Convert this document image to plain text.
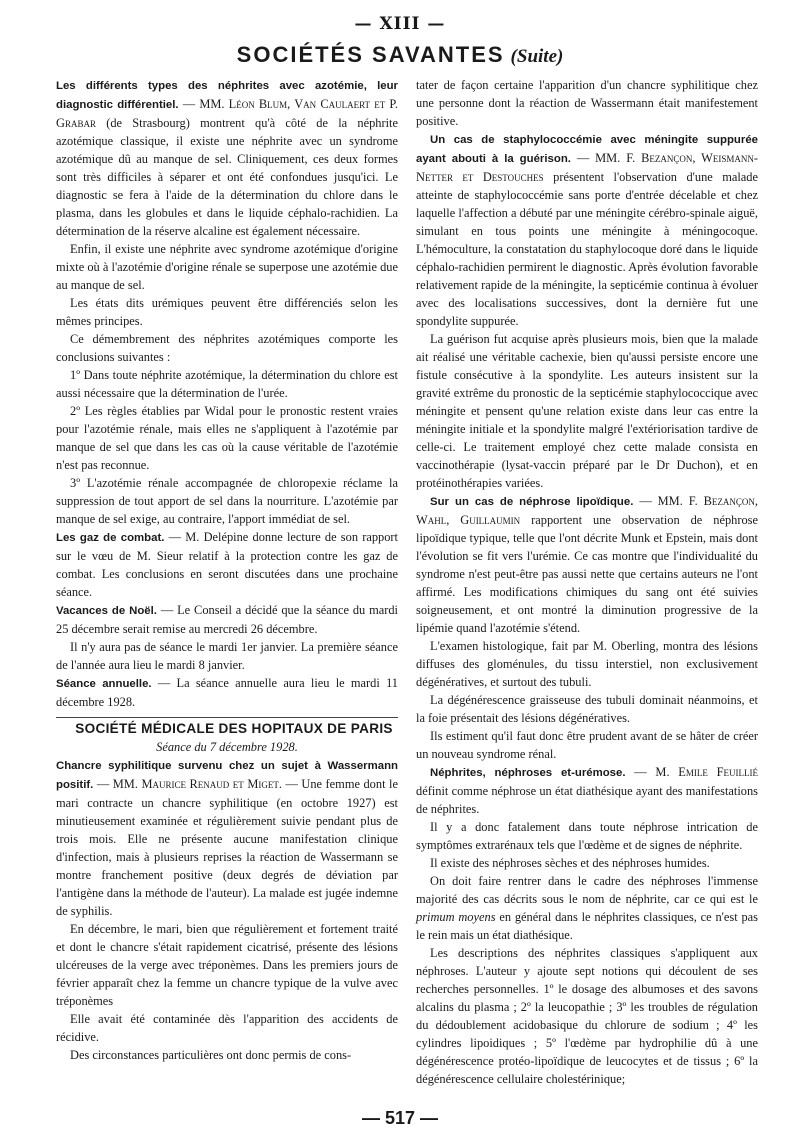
— XIII —
SOCIÉTÉS SAVANTES (Suite)

Les différents types des néphrites avec azotémie, leur diagnostic différentiel. — MM. Léon Blum, Van Caulaert et P. Grabar (de Strasbourg) montrent qu'à côté de la néphrite azotémique classique, il existe une néphrite avec un syndrome azotémique dû au manque de sel. Cliniquement, ces deux formes sont très difficiles à séparer et ont été confondues jusqu'ici. Le diagnostic se fera à l'aide de la détermination du chlore dans le plasma, dans les globules et dans le liquide céphalo-rachidien. La détermination de la réserve alcaline est également nécessaire.

Enfin, il existe une néphrite avec syndrome azotémique d'origine mixte où à l'azotémie d'origine rénale se superpose une azotémie due au manque de sel.

Les états dits urémiques peuvent être différenciés selon les mêmes principes.

Ce démembrement des néphrites azotémiques comporte les conclusions suivantes :

1º Dans toute néphrite azotémique, la détermination du chlore est aussi nécessaire que la détermination de l'urée.

2º Les règles établies par Widal pour le pronostic restent vraies pour l'azotémie rénale, mais elles ne s'appliquent à l'azotémie par manque de sel que dans les cas où la cause véritable de l'azotémie n'est pas reconnue.

3º L'azotémie rénale accompagnée de chloropexie réclame la suppression de tout apport de sel dans la nourriture. L'azotémie par manque de sel exige, au contraire, l'apport immédiat de sel.

Les gaz de combat. — M. Delépine donne lecture de son rapport sur le vœu de M. Sieur relatif à la protection contre les gaz de combat. Les conclusions en seront discutées dans une prochaine séance.

Vacances de Noël. — Le Conseil a décidé que la séance du mardi 25 décembre serait remise au mercredi 26 décembre.

Il n'y aura pas de séance le mardi 1er janvier. La première séance de l'année aura lieu le mardi 8 janvier.

Séance annuelle. — La séance annuelle aura lieu le mardi 11 décembre 1928.

SOCIÉTÉ MÉDICALE DES HOPITAUX DE PARIS

Séance du 7 décembre 1928.

Chancre syphilitique survenu chez un sujet à Wassermann positif. — MM. Maurice Renaud et Miget. — Une femme dont le mari contracte un chancre syphilitique (en octobre 1927) est minutieusement examinée et régulièrement suivie pendant plus de trois mois. Elle ne présente aucune manifestation clinique d'infection, mais à plusieurs reprises la réaction de Wassermann se montre franchement positive (deux degrés de déviation par l'antigène dans la méthode de l'auteur). La malade est jugée indemne de syphilis.

En décembre, le mari, bien que régulièrement et fortement traité et dont le chancre s'était rapidement cicatrisé, présente des lésions ulcéreuses de la verge avec tréponèmes. Dans les premiers jours de février apparaît chez la femme un chancre typique de la vulve avec tréponèmes

Elle avait été contaminée dès l'apparition des accidents de récidive.

Des circonstances particulières ont donc permis de cons-

tater de façon certaine l'apparition d'un chancre syphilitique chez une personne dont la réaction de Wassermann était manifestement positive.

Un cas de staphylococcémie avec méningite suppurée ayant abouti à la guérison. — MM. F. Bezançon, Weismann-Netter et Destouches présentent l'observation d'une malade atteinte de staphylococcémie sans porte d'entrée décelable et chez laquelle l'affection a débuté par une méningite cérébro-spinale aiguë, simulant en tous points une méningite à méningocoque. L'hémoculture, la constatation du staphylocoque doré dans le liquide céphalo-rachidien permirent le diagnostic. Après évolution favorable relativement rapide de la méningite, la septicémie continua à évoluer avec des localisations successives, dont la dernière fut une spondylite suppurée.

La guérison fut acquise après plusieurs mois, bien que la malade ait réalisé une véritable cachexie, bien qu'aussi persiste encore une fistule consécutive à la spondylite. Les auteurs insistent sur la gravité extrême du pronostic de la septicémie staphylococcique avec méningite et pensent qu'une relation existe dans leur cas entre la méningite initiale et la spondylite malgré l'extériorisation tardive de celle-ci. Le traitement employé chez cette malade consista en vaccinothérapie (lysat-vaccin préparé par le Dr Duchon), et en protéinothérapies variées.

Sur un cas de néphrose lipoïdique. — MM. F. Bezançon, Wahl, Guillaumin rapportent une observation de néphrose lipoïdique typique, telle que l'ont décrite Munk et Epstein, mais dont l'évolution se fit vers l'urémie. Ce cas montre que l'individualité du syndrome n'est peut-être pas aussi nette que certains auteurs ne l'ont affirmé. Les modifications chimiques du sang ont été suivies soigneusement, et ont montré la diminution progressive de la lipémie quand l'azotémie s'étend.

L'examen histologique, fait par M. Oberling, montra des lésions diffuses des gloménules, du tissu interstiel, non exclusivement dégénératives, et surtout des tubuli.

La dégénérescence graisseuse des tubuli dominait néanmoins, et la foie présentait des lésions dégénératives.

Ils estiment qu'il faut donc être prudent avant de se hâter de créer un nouveau syndrome rénal.

Néphrites, néphroses et-urémose. — M. Emile Feuillié définit comme néphrose un état diathésique ayant des manifestations de néphrites.

Il y a donc fatalement dans toute néphrose intrication de symptômes extrarénaux tels que l'œdème et de signes de néphrite.

Il existe des néphroses sèches et des néphroses humides.

On doit faire rentrer dans le cadre des néphroses l'immense majorité des cas décrits sous le nom de néphrite, car ce qui est le primum moyens en général dans le néphrites classiques, ce n'est pas le rein mais un état diathésique.

Les descriptions des néphrites classiques s'appliquent aux néphroses. L'auteur y ajoute sept notions qui découlent de ses recherches personnelles. 1º le dosage des albumoses et des savons alcalins du plasma ; 2º la leucopathie ; 3º les troubles de régulation du dédoublement acidobasique du chlorure de sodium ; 4º les cylindres lipoidiques ; 5º l'œdème par hydrophilie dû à une dégénérescence protéo-lipoïdique de leucocytes et de tissus ; 6º la dégénérescence cellulaire cholestérinique;

— 517 —
